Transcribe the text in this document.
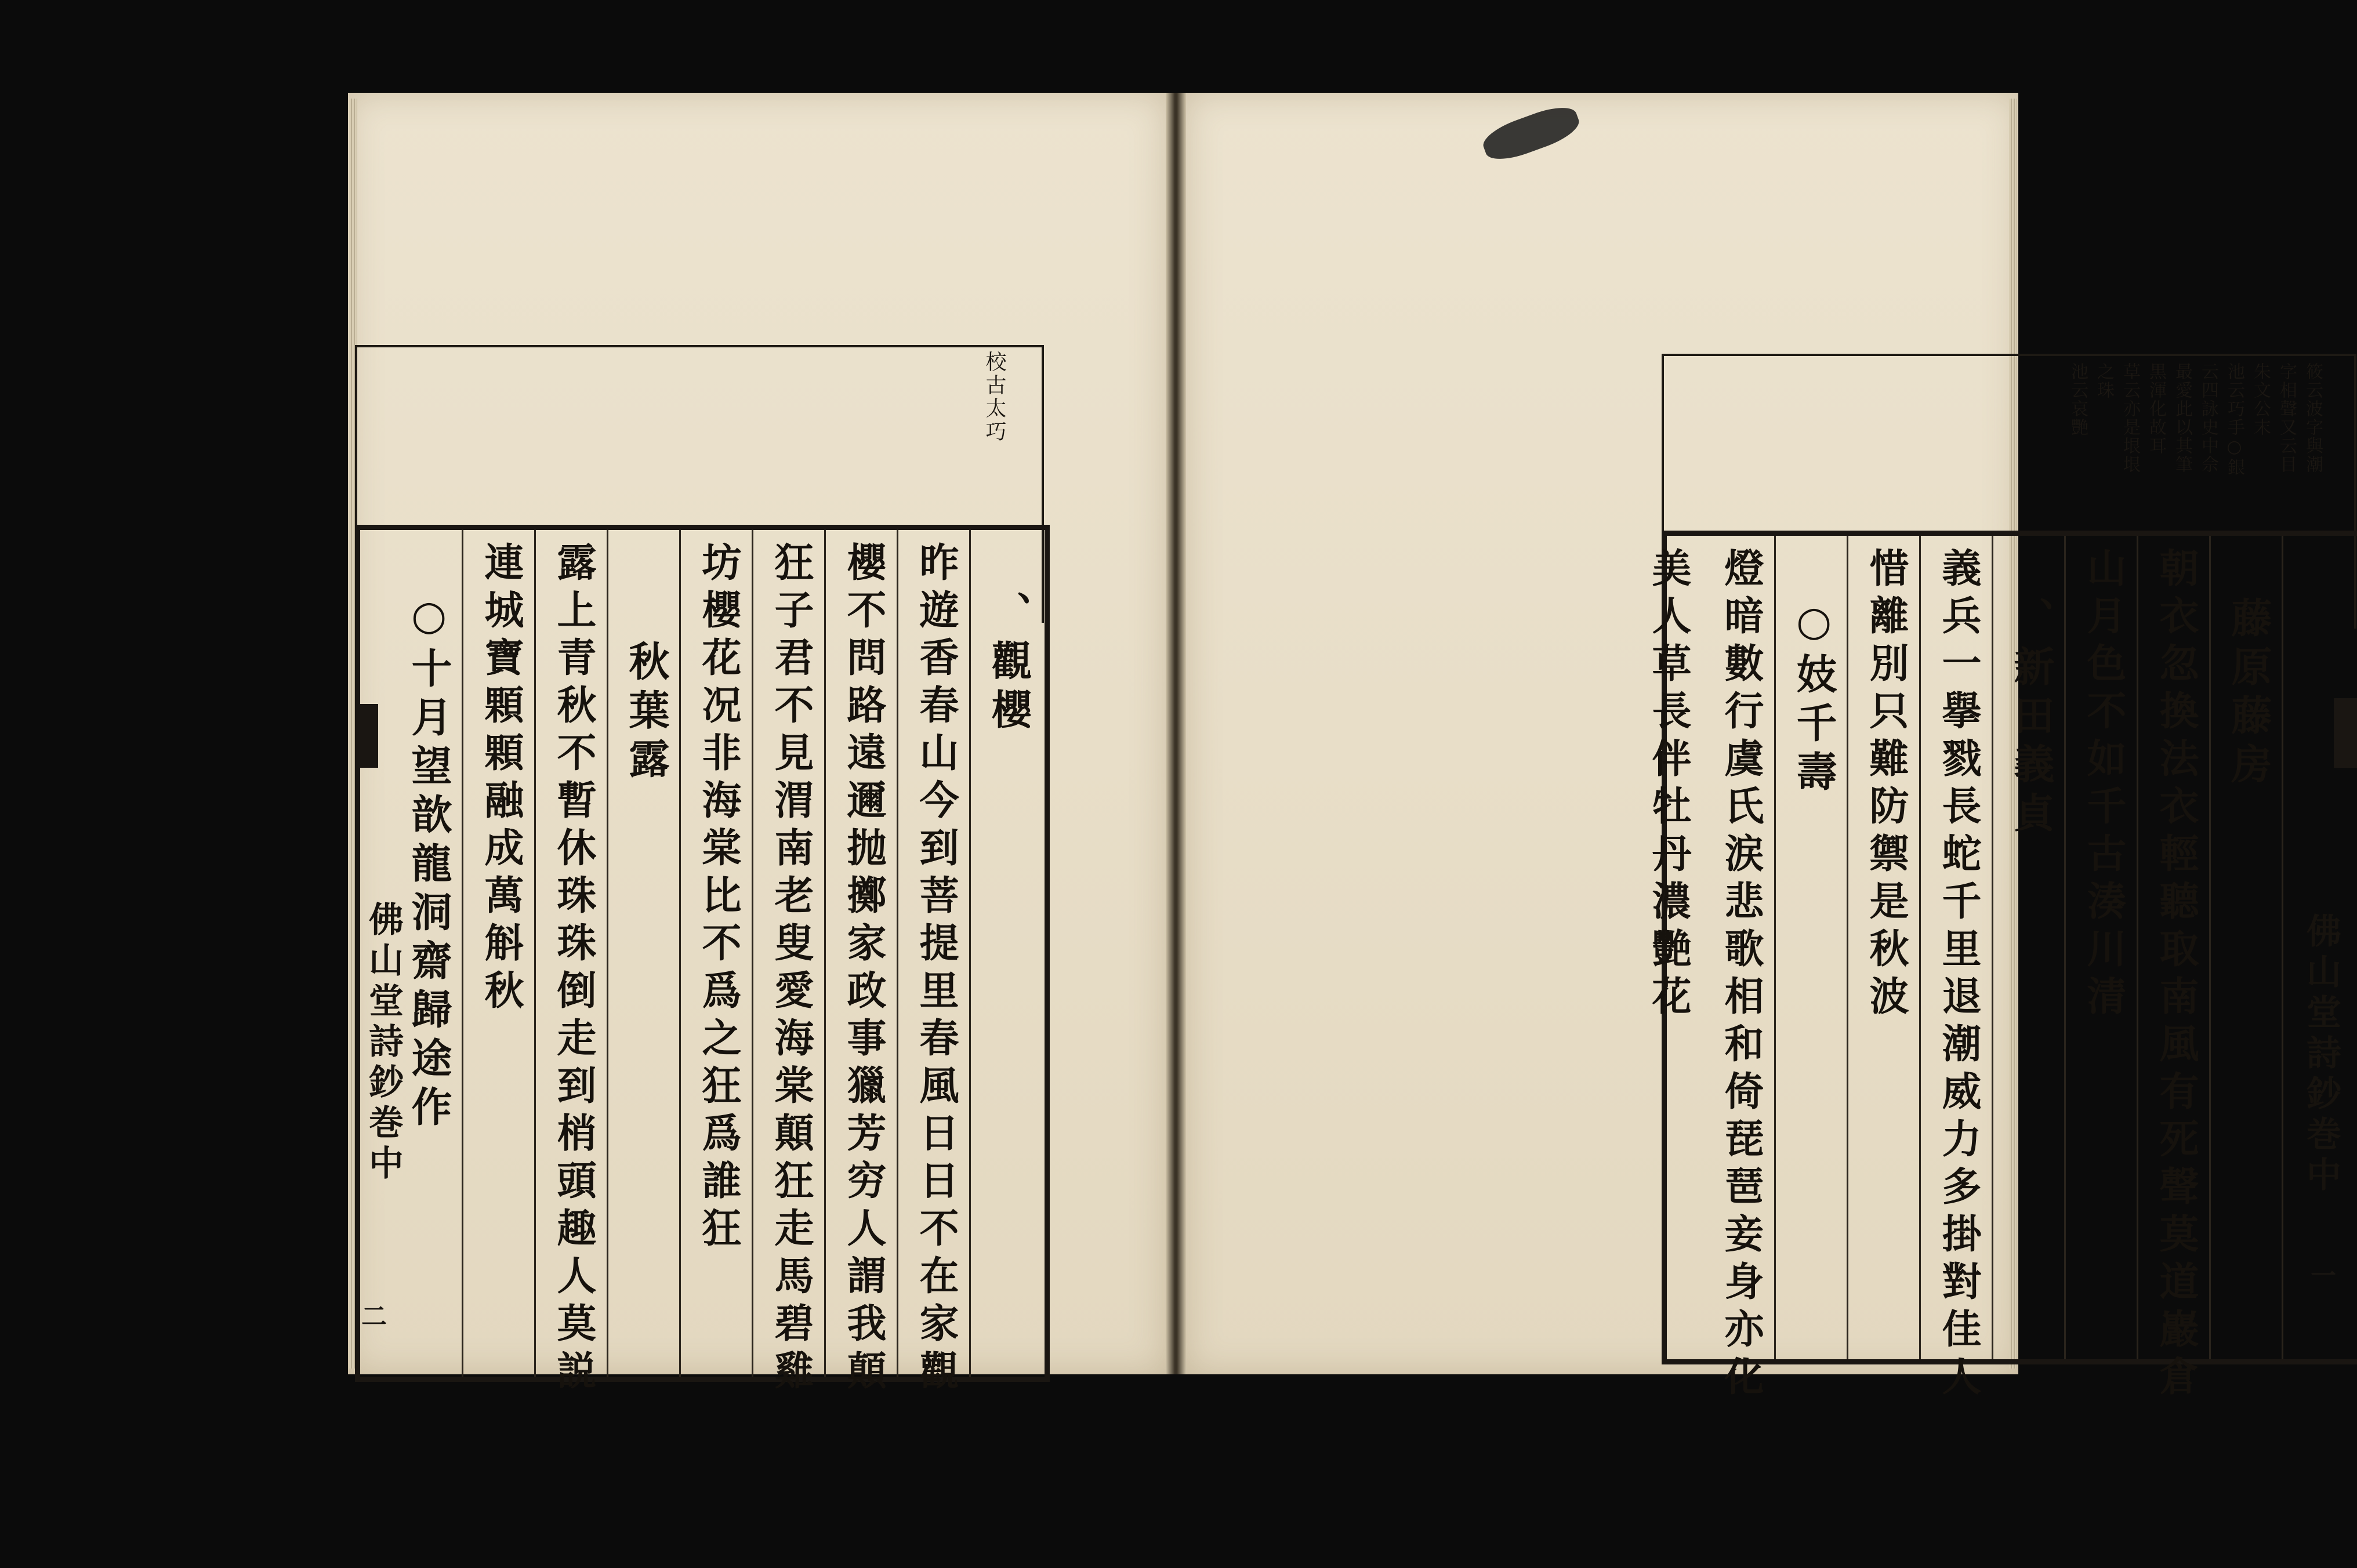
校古太巧
、觀櫻
昨遊香春山今到菩提里春風日日不在家觀
櫻不問路遠邇抛擲家政事獵芳穷人謂我顛
狂子君不見渭南老叟愛海棠顛狂走馬碧雞
坊櫻花况非海棠比不爲之狂爲誰狂
秋葉露
露上青秋不暫休珠珠倒走到梢頭趣人莫説
連城寶顆顆融成萬斛秋
○十月望歆龍洞齋歸途作
佛山堂詩鈔巻中
二
筱云波字與潮
字相聲又云目
朱文公末
池云巧手○銀
云四詠史中佘
最愛此以其筆
黒渾化故耳
草云亦是垠垠
之珠
池云哀艷
佛山堂詩鈔巻中
一
藤原藤房
朝衣忽換法衣輕聽取南風有死聲莫道巖倉
山月色不如千古湊川清
、新田義貞
義兵一擧戮長蛇千里退潮威力多掛對佳人
惜離別只難防禦是秋波
○妓千壽
燈暗數行虞氏涙悲歌相和倚琵琶妾身亦化
美人草長伴牡丹濃艷花
